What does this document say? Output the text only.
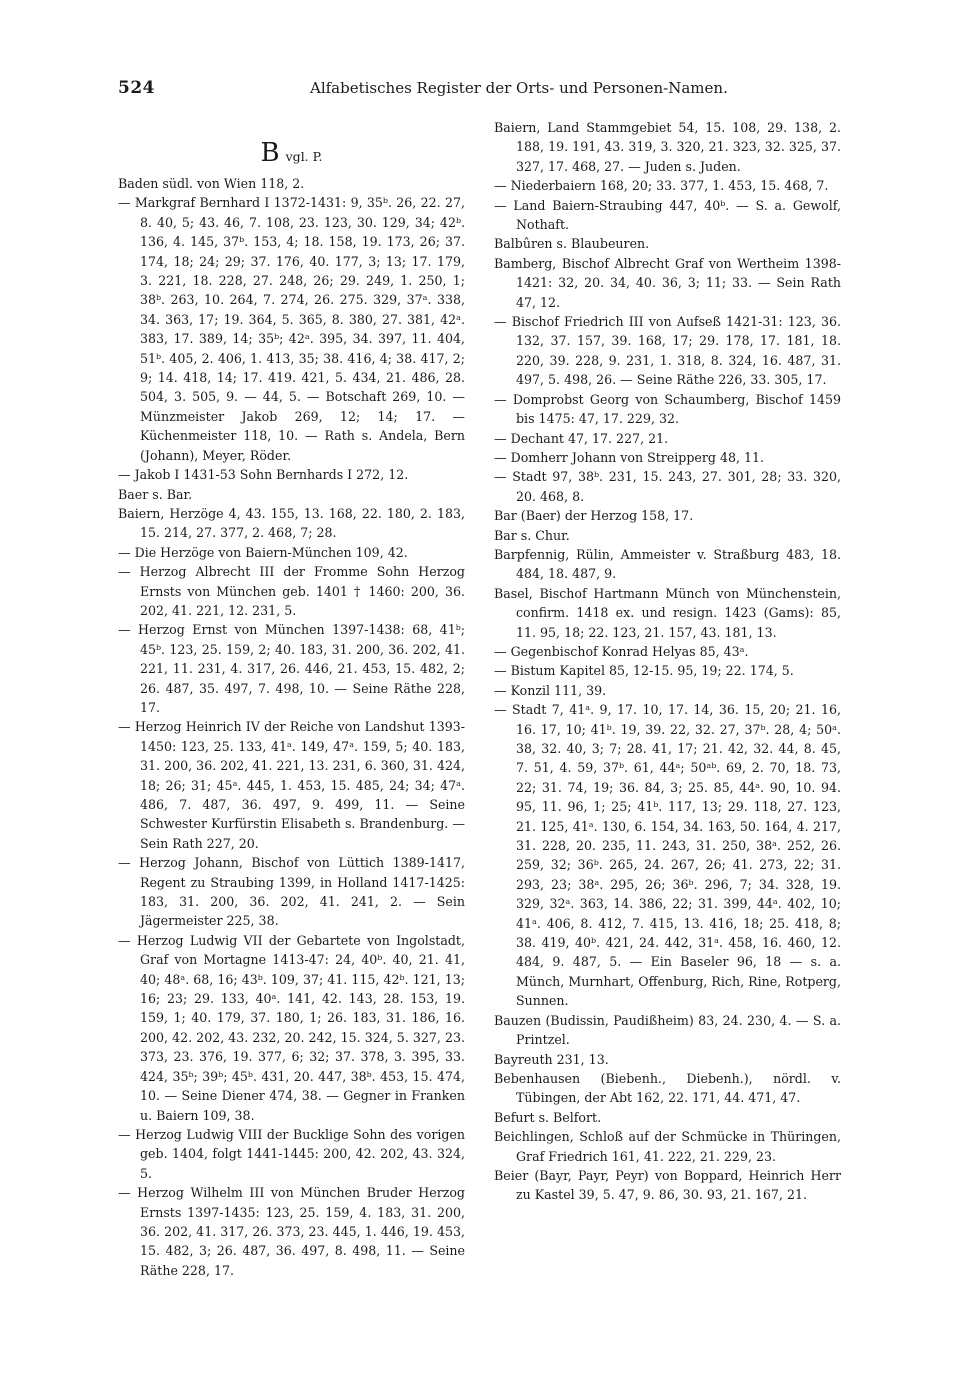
524	Alfabetisches Register der Orts- und Personen-Namen.
Bvgl. P.

Baden südl. von Wien 118, 2.

— Markgraf Bernhard I 1372-1431: 9, 35ᵇ. 26, 22. 27, 8. 40, 5; 43. 46, 7. 108, 23. 123, 30. 129, 34; 42ᵇ. 136, 4. 145, 37ᵇ. 153, 4; 18. 158, 19. 173, 26; 37. 174, 18; 24; 29; 37. 176, 40. 177, 3; 13; 17. 179, 3. 221, 18. 228, 27. 248, 26; 29. 249, 1. 250, 1; 38ᵇ. 263, 10. 264, 7. 274, 26. 275. 329, 37ᵃ. 338, 34. 363, 17; 19. 364, 5. 365, 8. 380, 27. 381, 42ᵃ. 383, 17. 389, 14; 35ᵇ; 42ᵃ. 395, 34. 397, 11. 404, 51ᵇ. 405, 2. 406, 1. 413, 35; 38. 416, 4; 38. 417, 2; 9; 14. 418, 14; 17. 419. 421, 5. 434, 21. 486, 28. 504, 3. 505, 9. — 44, 5. — Botschaft 269, 10. — Münzmeister Jakob 269, 12; 14; 17. — Küchenmeister 118, 10. — Rath s. Andela, Bern (Johann), Meyer, Röder.

— Jakob I 1431-53 Sohn Bernhards I 272, 12.

Baer s. Bar.

Baiern, Herzöge 4, 43. 155, 13. 168, 22. 180, 2. 183, 15. 214, 27. 377, 2. 468, 7; 28.

— Die Herzöge von Baiern-München 109, 42.

— Herzog Albrecht III der Fromme Sohn Herzog Ernsts von München geb. 1401 † 1460: 200, 36. 202, 41. 221, 12. 231, 5.

— Herzog Ernst von München 1397-1438: 68, 41ᵇ; 45ᵇ. 123, 25. 159, 2; 40. 183, 31. 200, 36. 202, 41. 221, 11. 231, 4. 317, 26. 446, 21. 453, 15. 482, 2; 26. 487, 35. 497, 7. 498, 10. — Seine Räthe 228, 17.

— Herzog Heinrich IV der Reiche von Landshut 1393-1450: 123, 25. 133, 41ᵃ. 149, 47ᵃ. 159, 5; 40. 183, 31. 200, 36. 202, 41. 221, 13. 231, 6. 360, 31. 424, 18; 26; 31; 45ᵃ. 445, 1. 453, 15. 485, 24; 34; 47ᵃ. 486, 7. 487, 36. 497, 9. 499, 11. — Seine Schwester Kurfürstin Elisabeth s. Brandenburg. — Sein Rath 227, 20.

— Herzog Johann, Bischof von Lüttich 1389-1417, Regent zu Straubing 1399, in Holland 1417-1425: 183, 31. 200, 36. 202, 41. 241, 2. — Sein Jägermeister 225, 38.

— Herzog Ludwig VII der Gebartete von Ingolstadt, Graf von Mortagne 1413-47: 24, 40ᵇ. 40, 21. 41, 40; 48ᵃ. 68, 16; 43ᵇ. 109, 37; 41. 115, 42ᵇ. 121, 13; 16; 23; 29. 133, 40ᵃ. 141, 42. 143, 28. 153, 19. 159, 1; 40. 179, 37. 180, 1; 26. 183, 31. 186, 16. 200, 42. 202, 43. 232, 20. 242, 15. 324, 5. 327, 23. 373, 23. 376, 19. 377, 6; 32; 37. 378, 3. 395, 33. 424, 35ᵇ; 39ᵇ; 45ᵇ. 431, 20. 447, 38ᵇ. 453, 15. 474, 10. — Seine Diener 474, 38. — Gegner in Franken u. Baiern 109, 38.

— Herzog Ludwig VIII der Bucklige Sohn des vorigen geb. 1404, folgt 1441-1445: 200, 42. 202, 43. 324, 5.

— Herzog Wilhelm III von München Bruder Herzog Ernsts 1397-1435: 123, 25. 159, 4. 183, 31. 200, 36. 202, 41. 317, 26. 373, 23. 445, 1. 446, 19. 453, 15. 482, 3; 26. 487, 36. 497, 8. 498, 11. — Seine Räthe 228, 17.

Baiern, Land Stammgebiet 54, 15. 108, 29. 138, 2. 188, 19. 191, 43. 319, 3. 320, 21. 323, 32. 325, 37. 327, 17. 468, 27. — Juden s. Juden.

— Niederbaiern 168, 20; 33. 377, 1. 453, 15. 468, 7.

— Land Baiern-Straubing 447, 40ᵇ. — S. a. Gewolf, Nothaft.

Balbûren s. Blaubeuren.

Bamberg, Bischof Albrecht Graf von Wertheim 1398-1421: 32, 20. 34, 40. 36, 3; 11; 33. — Sein Rath 47, 12.

— Bischof Friedrich III von Aufseß 1421-31: 123, 36. 132, 37. 157, 39. 168, 17; 29. 178, 17. 181, 18. 220, 39. 228, 9. 231, 1. 318, 8. 324, 16. 487, 31. 497, 5. 498, 26. — Seine Räthe 226, 33. 305, 17.

— Domprobst Georg von Schaumberg, Bischof 1459 bis 1475: 47, 17. 229, 32.

— Dechant 47, 17. 227, 21.

— Domherr Johann von Streipperg 48, 11.

— Stadt 97, 38ᵇ. 231, 15. 243, 27. 301, 28; 33. 320, 20. 468, 8.

Bar (Baer) der Herzog 158, 17.

Bar s. Chur.

Barpfennig, Rülin, Ammeister v. Straßburg 483, 18. 484, 18. 487, 9.

Basel, Bischof Hartmann Münch von Münchenstein, confirm. 1418 ex. und resign. 1423 (Gams): 85, 11. 95, 18; 22. 123, 21. 157, 43. 181, 13.

— Gegenbischof Konrad Helyas 85, 43ᵃ.

— Bistum Kapitel 85, 12-15. 95, 19; 22. 174, 5.

— Konzil 111, 39.

— Stadt 7, 41ᵃ. 9, 17. 10, 17. 14, 36. 15, 20; 21. 16, 16. 17, 10; 41ᵇ. 19, 39. 22, 32. 27, 37ᵇ. 28, 4; 50ᵃ. 38, 32. 40, 3; 7; 28. 41, 17; 21. 42, 32. 44, 8. 45, 7. 51, 4. 59, 37ᵇ. 61, 44ᵃ; 50ᵃᵇ. 69, 2. 70, 18. 73, 22; 31. 74, 19; 36. 84, 3; 25. 85, 44ᵃ. 90, 10. 94. 95, 11. 96, 1; 25; 41ᵇ. 117, 13; 29. 118, 27. 123, 21. 125, 41ᵃ. 130, 6. 154, 34. 163, 50. 164, 4. 217, 31. 228, 20. 235, 11. 243, 31. 250, 38ᵃ. 252, 26. 259, 32; 36ᵇ. 265, 24. 267, 26; 41. 273, 22; 31. 293, 23; 38ᵃ. 295, 26; 36ᵇ. 296, 7; 34. 328, 19. 329, 32ᵃ. 363, 14. 386, 22; 31. 399, 44ᵃ. 402, 10; 41ᵃ. 406, 8. 412, 7. 415, 13. 416, 18; 25. 418, 8; 38. 419, 40ᵇ. 421, 24. 442, 31ᵃ. 458, 16. 460, 12. 484, 9. 487, 5. — Ein Baseler 96, 18 — s. a. Münch, Murnhart, Offenburg, Rich, Rine, Rotperg, Sunnen.

Bauzen (Budissin, Paudißheim) 83, 24. 230, 4. — S. a. Printzel.

Bayreuth 231, 13.

Bebenhausen (Biebenh., Diebenh.), nördl. v. Tübingen, der Abt 162, 22. 171, 44. 471, 47.

Befurt s. Belfort.

Beichlingen, Schloß auf der Schmücke in Thüringen, Graf Friedrich 161, 41. 222, 21. 229, 23.

Beier (Bayr, Payr, Peyr) von Boppard, Heinrich Herr zu Kastel 39, 5. 47, 9. 86, 30. 93, 21. 167, 21.
